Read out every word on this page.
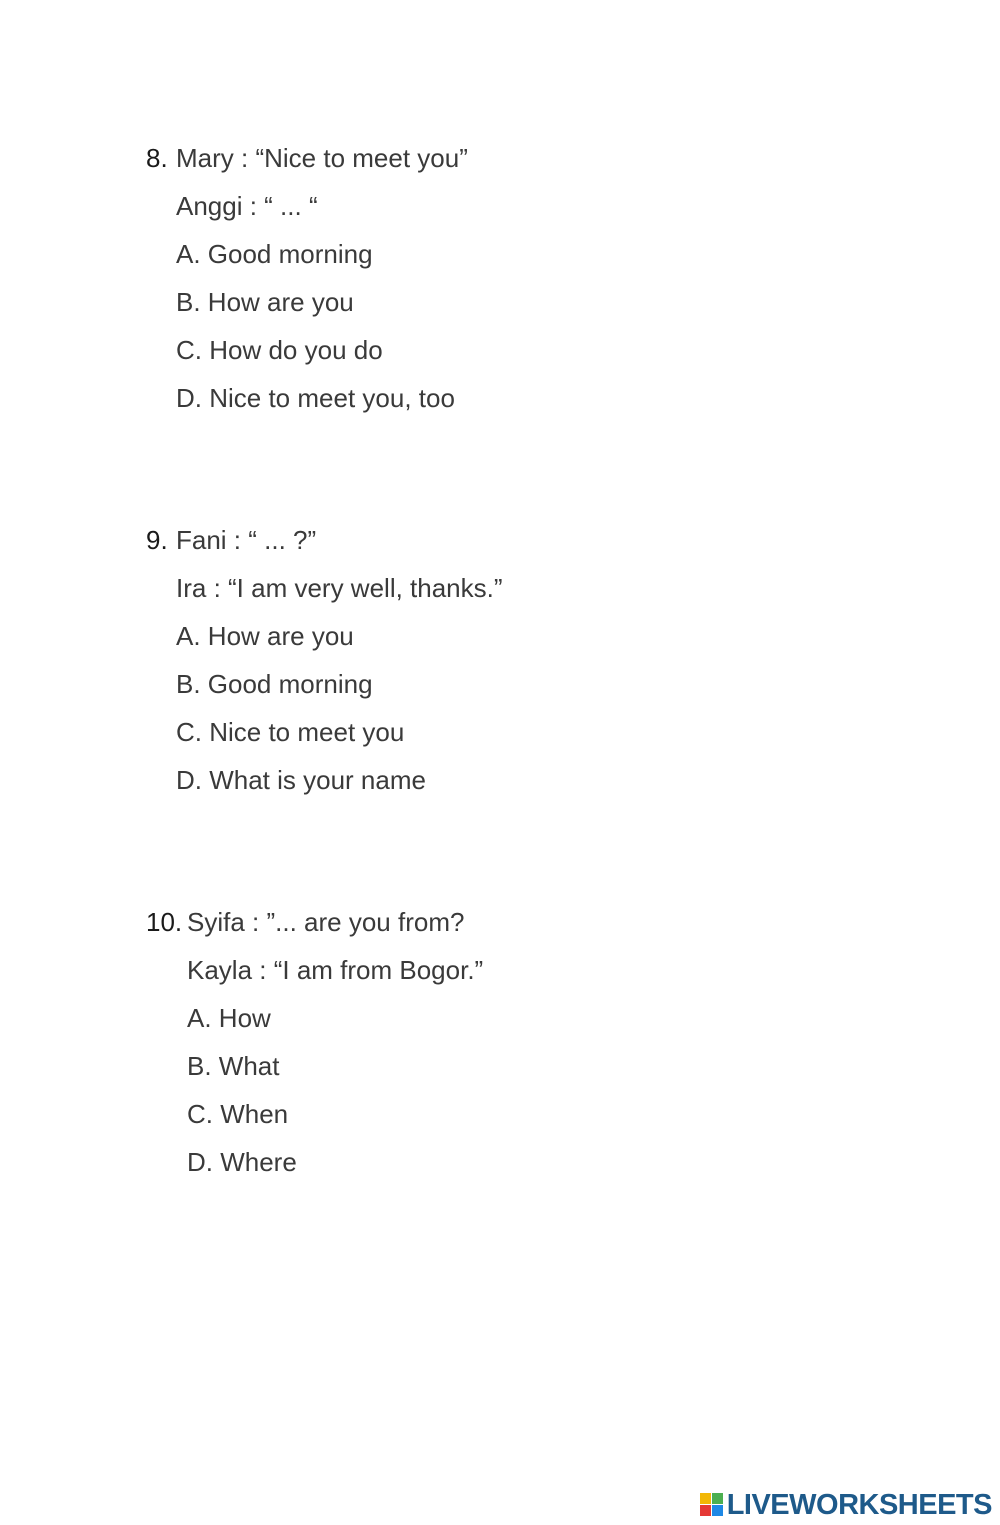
8. Mary : “Nice to meet you”
Anggi : “ ... “
A. Good morning
B. How are you
C. How do you do
D. Nice to meet you, too
9. Fani : “ ... ?”
Ira : “I am very well, thanks.”
A. How are you
B. Good morning
C. Nice to meet you
D. What is your name
10. Syifa : ”... are you from?
Kayla : “I am from Bogor.”
A. How
B. What
C. When
D. Where
LIVEWORKSHEETS
